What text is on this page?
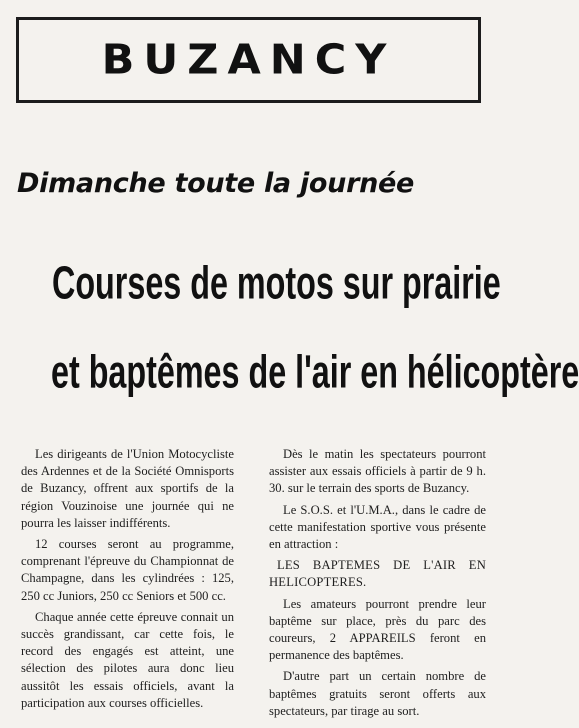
BUZANCY
Dimanche toute la journée
Courses de motos sur prairie
et baptêmes de l'air en hélicoptère

Les dirigeants de l'Union Motocycliste des Ardennes et de la Société Omnisports de Buzancy, offrent aux sportifs de la région Vouzinoise une journée qui ne pourra les laisser indifférents.

12 courses seront au programme, comprenant l'épreuve du Championnat de Champagne, dans les cylindrées : 125, 250 cc Juniors, 250 cc Seniors et 500 cc.

Chaque année cette épreuve connait un succès grandissant, car cette fois, le record des engagés est atteint, une sélection des pilotes aura donc lieu aussitôt les essais officiels, avant la participation aux courses officielles.

Dès le matin les spectateurs pourront assister aux essais officiels à partir de 9 h. 30. sur le terrain des sports de Buzancy.

Le S.O.S. et l'U.M.A., dans le cadre de cette manifestation sportive vous présente en attraction :

LES BAPTEMES DE L'AIR EN HELICOPTERES.

Les amateurs pourront prendre leur baptême sur place, près du parc des coureurs, 2 APPAREILS feront en permanence des baptêmes.

D'autre part un certain nombre de baptêmes gratuits seront offerts aux spectateurs, par tirage au sort.
